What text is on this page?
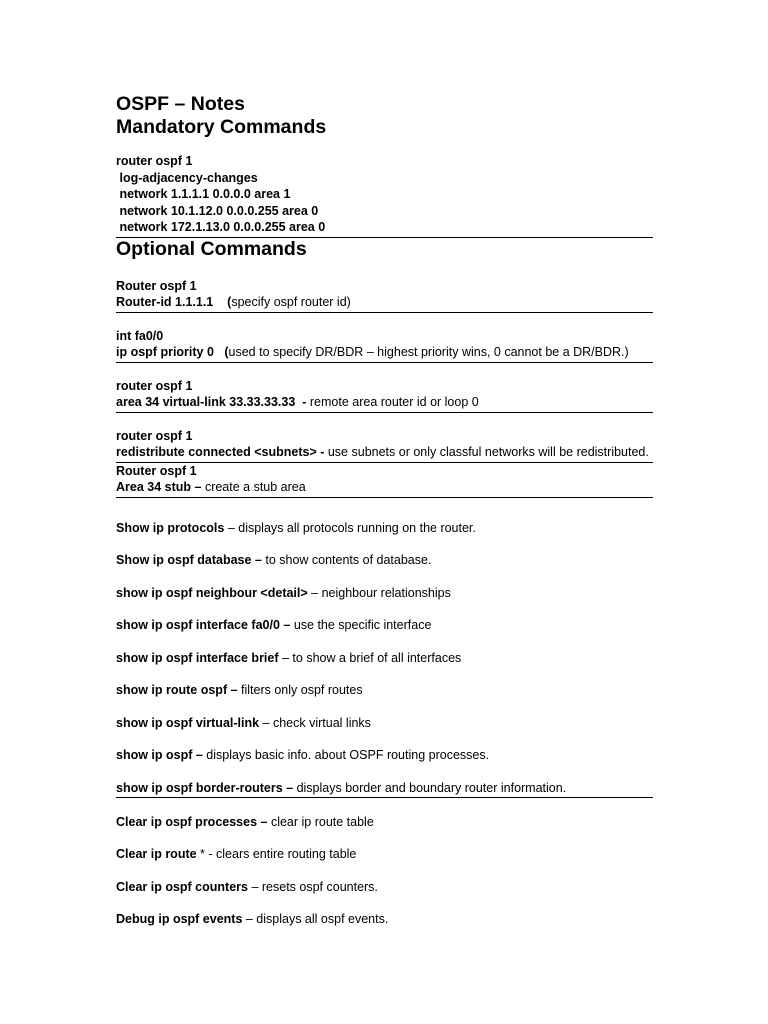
OSPF – Notes
Mandatory Commands
router ospf 1
log-adjacency-changes
network 1.1.1.1 0.0.0.0 area 1
network 10.1.12.0 0.0.0.255 area 0
network 172.1.13.0 0.0.0.255 area 0
Optional Commands
Router ospf 1
Router-id 1.1.1.1    (specify ospf router id)
int fa0/0
ip ospf priority 0   (used to specify DR/BDR – highest priority wins, 0 cannot be a DR/BDR.)
router ospf 1
area 34 virtual-link 33.33.33.33  - remote area router id or loop 0
router ospf 1
redistribute connected <subnets> - use subnets or only classful networks will be redistributed.
Router ospf 1
Area 34 stub – create a stub area
Show ip protocols – displays all protocols running on the router.
Show ip ospf database – to show contents of database.
show ip ospf neighbour <detail> – neighbour relationships
show ip ospf interface fa0/0 – use the specific interface
show ip ospf interface brief – to show a brief of all interfaces
show ip route ospf – filters only ospf routes
show ip ospf virtual-link – check virtual links
show ip ospf – displays basic info. about OSPF routing processes.
show ip ospf border-routers – displays border and boundary router information.
Clear ip ospf processes – clear ip route table
Clear ip route * - clears entire routing table
Clear ip ospf counters – resets ospf counters.
Debug ip ospf events – displays all ospf events.
